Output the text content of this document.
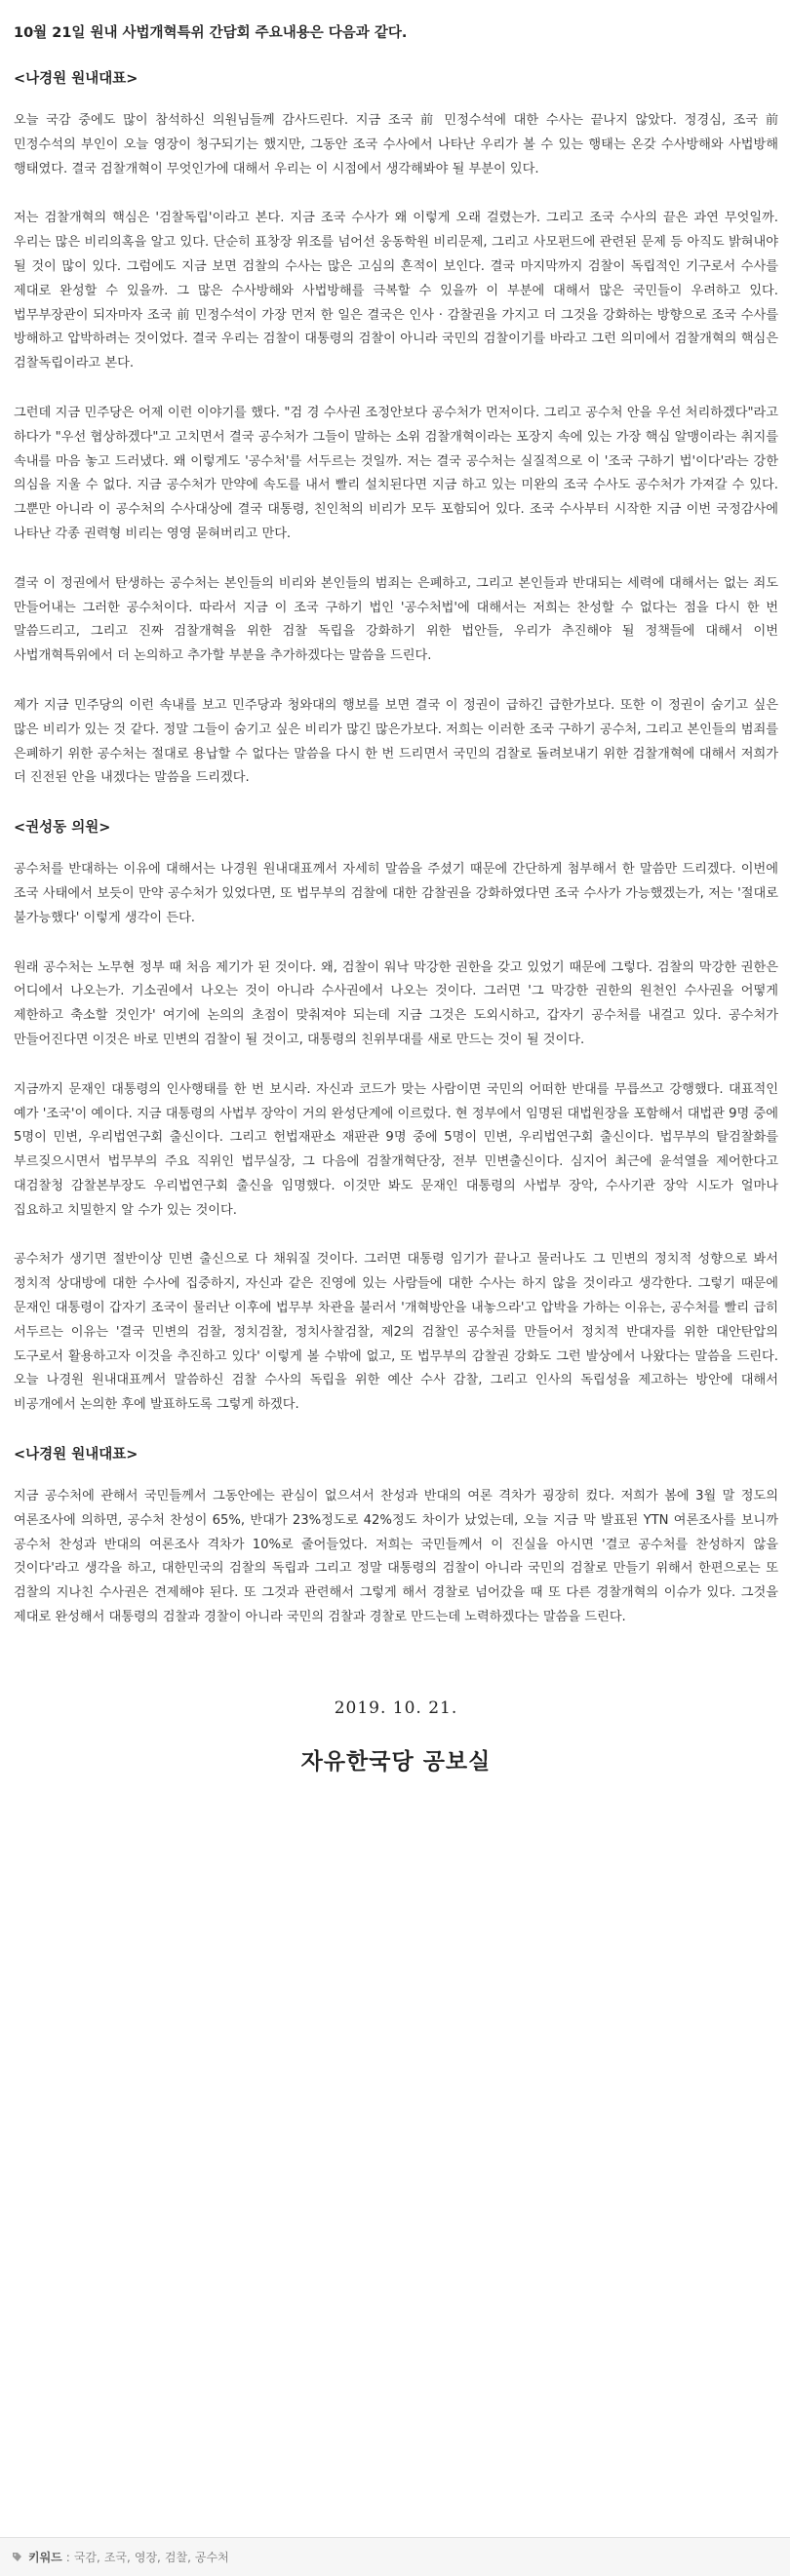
10월 21일 원내 사법개혁특위 간담회 주요내용은 다음과 같다.
<나경원 원내대표>

오늘 국감 중에도 많이 참석하신 의원님들께 감사드린다. 지금 조국 前 민정수석에 대한 수사는 끝나지 않았다. 정경심, 조국 前 민정수석의 부인이 오늘 영장이 청구되기는 했지만, 그동안 조국 수사에서 나타난 우리가 볼 수 있는 행태는 온갖 수사방해와 사법방해 행태였다. 결국 검찰개혁이 무엇인가에 대해서 우리는 이 시점에서 생각해봐야 될 부분이 있다.

저는 검찰개혁의 핵심은 '검찰독립'이라고 본다. 지금 조국 수사가 왜 이렇게 오래 걸렸는가. 그리고 조국 수사의 끝은 과연 무엇일까. 우리는 많은 비리의혹을 알고 있다. 단순히 표창장 위조를 넘어선 웅동학원 비리문제, 그리고 사모펀드에 관련된 문제 등 아직도 밝혀내야 될 것이 많이 있다. 그럼에도 지금 보면 검찰의 수사는 많은 고심의 흔적이 보인다. 결국 마지막까지 검찰이 독립적인 기구로서 수사를 제대로 완성할 수 있을까. 그 많은 수사방해와 사법방해를 극복할 수 있을까 이 부분에 대해서 많은 국민들이 우려하고 있다. 법무부장관이 되자마자 조국 前 민정수석이 가장 먼저 한 일은 결국은 인사 · 감찰권을 가지고 더 그것을 강화하는 방향으로 조국 수사를 방해하고 압박하려는 것이었다. 결국 우리는 검찰이 대통령의 검찰이 아니라 국민의 검찰이기를 바라고 그런 의미에서 검찰개혁의 핵심은 검찰독립이라고 본다.

그런데 지금 민주당은 어제 이런 이야기를 했다. "검 경 수사권 조정안보다 공수처가 먼저이다. 그리고 공수처 안을 우선 처리하겠다"라고 하다가 "우선 협상하겠다"고 고치면서 결국 공수처가 그들이 말하는 소위 검찰개혁이라는 포장지 속에 있는 가장 핵심 알맹이라는 취지를 속내를 마음 놓고 드러냈다. 왜 이렇게도 '공수처'를 서두르는 것일까. 저는 결국 공수처는 실질적으로 이 '조국 구하기 법'이다'라는 강한 의심을 지울 수 없다. 지금 공수처가 만약에 속도를 내서 빨리 설치된다면 지금 하고 있는 미완의 조국 수사도 공수처가 가져갈 수 있다. 그뿐만 아니라 이 공수처의 수사대상에 결국 대통령, 친인척의 비리가 모두 포함되어 있다. 조국 수사부터 시작한 지금 이번 국정감사에 나타난 각종 권력형 비리는 영영 묻혀버리고 만다.

결국 이 정권에서 탄생하는 공수처는 본인들의 비리와 본인들의 범죄는 은폐하고, 그리고 본인들과 반대되는 세력에 대해서는 없는 죄도 만들어내는 그러한 공수처이다. 따라서 지금 이 조국 구하기 법인 '공수처법'에 대해서는 저희는 찬성할 수 없다는 점을 다시 한 번 말씀드리고, 그리고 진짜 검찰개혁을 위한 검찰 독립을 강화하기 위한 법안들, 우리가 추진해야 될 정책들에 대해서 이번 사법개혁특위에서 더 논의하고 추가할 부분을 추가하겠다는 말씀을 드린다.

제가 지금 민주당의 이런 속내를 보고 민주당과 청와대의 행보를 보면 결국 이 정권이 급하긴 급한가보다. 또한 이 정권이 숨기고 싶은 많은 비리가 있는 것 같다. 정말 그들이 숨기고 싶은 비리가 많긴 많은가보다. 저희는 이러한 조국 구하기 공수처, 그리고 본인들의 범죄를 은폐하기 위한 공수처는 절대로 용납할 수 없다는 말씀을 다시 한 번 드리면서 국민의 검찰로 돌려보내기 위한 검찰개혁에 대해서 저희가 더 진전된 안을 내겠다는 말씀을 드리겠다.

<권성동 의원>

공수처를 반대하는 이유에 대해서는 나경원 원내대표께서 자세히 말씀을 주셨기 때문에 간단하게 첨부해서 한 말씀만 드리겠다. 이번에 조국 사태에서 보듯이 만약 공수처가 있었다면, 또 법무부의 검찰에 대한 감찰권을 강화하였다면 조국 수사가 가능했겠는가, 저는 '절대로 불가능했다' 이렇게 생각이 든다.

원래 공수처는 노무현 정부 때 처음 제기가 된 것이다. 왜, 검찰이 워낙 막강한 권한을 갖고 있었기 때문에 그렇다. 검찰의 막강한 권한은 어디에서 나오는가. 기소권에서 나오는 것이 아니라 수사권에서 나오는 것이다. 그러면 '그 막강한 권한의 원천인 수사권을 어떻게 제한하고 축소할 것인가' 여기에 논의의 초점이 맞춰져야 되는데 지금 그것은 도외시하고, 갑자기 공수처를 내걸고 있다. 공수처가 만들어진다면 이것은 바로 민변의 검찰이 될 것이고, 대통령의 친위부대를 새로 만드는 것이 될 것이다.

지금까지 문재인 대통령의 인사행태를 한 번 보시라. 자신과 코드가 맞는 사람이면 국민의 어떠한 반대를 무릅쓰고 강행했다. 대표적인 예가 '조국'이 예이다. 지금 대통령의 사법부 장악이 거의 완성단계에 이르렀다. 현 정부에서 임명된 대법원장을 포함해서 대법관 9명 중에 5명이 민변, 우리법연구회 출신이다. 그리고 헌법재판소 재판관 9명 중에 5명이 민변, 우리법연구회 출신이다. 법무부의 탈검찰화를 부르짖으시면서 법무부의 주요 직위인 법무실장, 그 다음에 검찰개혁단장, 전부 민변출신이다. 심지어 최근에 윤석열을 제어한다고 대검찰청 감찰본부장도 우리법연구회 출신을 임명했다. 이것만 봐도 문재인 대통령의 사법부 장악, 수사기관 장악 시도가 얼마나 집요하고 치밀한지 알 수가 있는 것이다.

공수처가 생기면 절반이상 민변 출신으로 다 채워질 것이다. 그러면 대통령 임기가 끝나고 물러나도 그 민변의 정치적 성향으로 봐서 정치적 상대방에 대한 수사에 집중하지, 자신과 같은 진영에 있는 사람들에 대한 수사는 하지 않을 것이라고 생각한다. 그렇기 때문에 문재인 대통령이 갑자기 조국이 물러난 이후에 법무부 차관을 불러서 '개혁방안을 내놓으라'고 압박을 가하는 이유는, 공수처를 빨리 급히 서두르는 이유는 '결국 민변의 검찰, 정치검찰, 정치사찰검찰, 제2의 검찰인 공수처를 만들어서 정치적 반대자를 위한 대안탄압의 도구로서 활용하고자 이것을 추진하고 있다' 이렇게 볼 수밖에 없고, 또 법무부의 감찰권 강화도 그런 발상에서 나왔다는 말씀을 드린다. 오늘 나경원 원내대표께서 말씀하신 검찰 수사의 독립을 위한 예산 수사 감찰, 그리고 인사의 독립성을 제고하는 방안에 대해서 비공개에서 논의한 후에 발표하도록 그렇게 하겠다.

<나경원 원내대표>

지금 공수처에 관해서 국민들께서 그동안에는 관심이 없으셔서 찬성과 반대의 여론 격차가 굉장히 컸다. 저희가 봄에 3월 말 정도의 여론조사에 의하면, 공수처 찬성이 65%, 반대가 23%정도로 42%정도 차이가 났었는데, 오늘 지금 막 발표된 YTN 여론조사를 보니까 공수처 찬성과 반대의 여론조사 격차가 10%로 줄어들었다. 저희는 국민들께서 이 진실을 아시면 '결코 공수처를 찬성하지 않을 것이다'라고 생각을 하고, 대한민국의 검찰의 독립과 그리고 정말 대통령의 검찰이 아니라 국민의 검찰로 만들기 위해서 한편으로는 또 검찰의 지나친 수사권은 견제해야 된다. 또 그것과 관련해서 그렇게 해서 경찰로 넘어갔을 때 또 다른 경찰개혁의 이슈가 있다. 그것을 제대로 완성해서 대통령의 검찰과 경찰이 아니라 국민의 검찰과 경찰로 만드는데 노력하겠다는 말씀을 드린다.

2019. 10. 21.
자유한국당 공보실
키워드 : 국감 , 조국 , 영장 , 검찰 , 공수처
